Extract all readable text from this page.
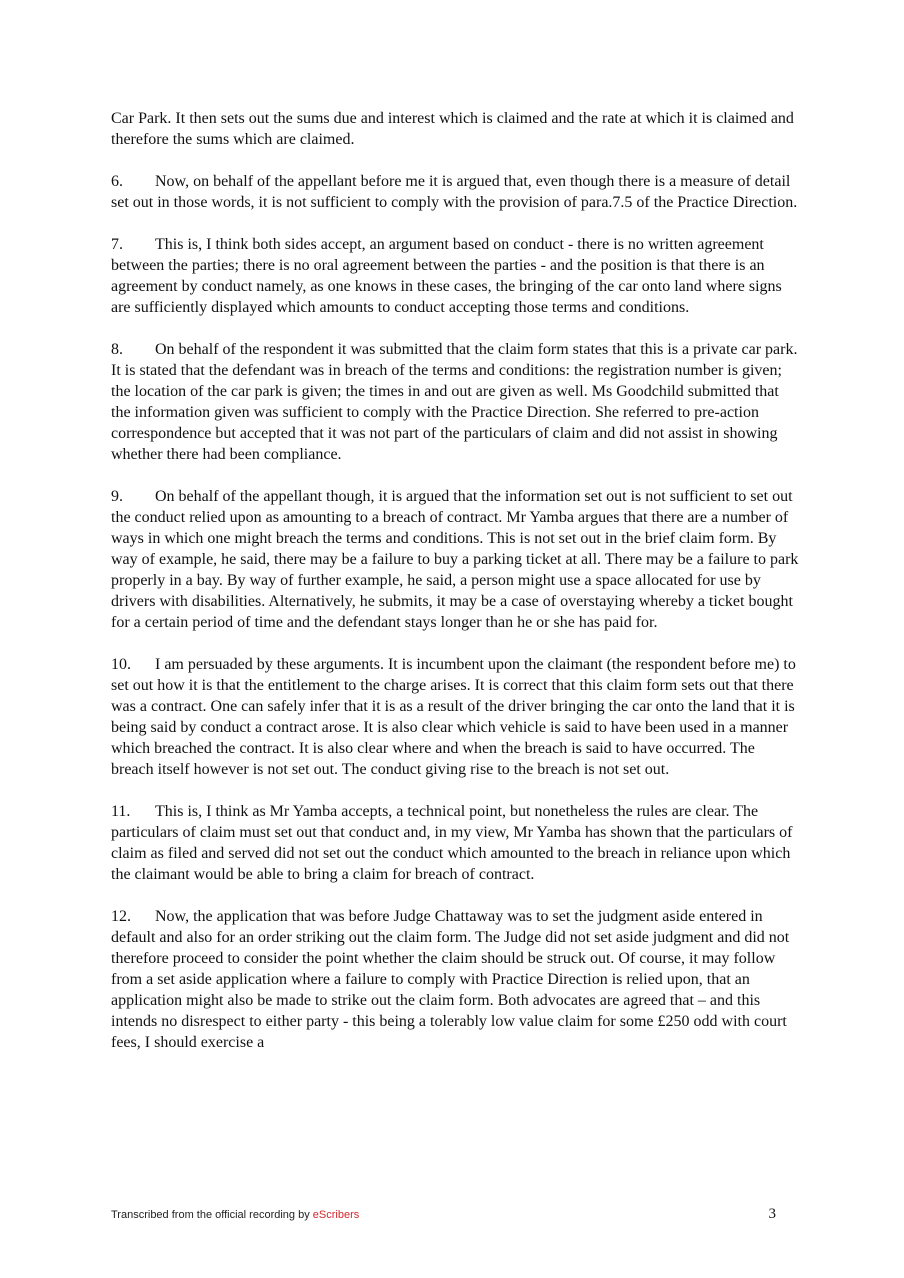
Car Park. It then sets out the sums due and interest which is claimed and the rate at which it is claimed and therefore the sums which are claimed.

6. Now, on behalf of the appellant before me it is argued that, even though there is a measure of detail set out in those words, it is not sufficient to comply with the provision of para.7.5 of the Practice Direction.

7. This is, I think both sides accept, an argument based on conduct - there is no written agreement between the parties; there is no oral agreement between the parties - and the position is that there is an agreement by conduct namely, as one knows in these cases, the bringing of the car onto land where signs are sufficiently displayed which amounts to conduct accepting those terms and conditions.

8. On behalf of the respondent it was submitted that the claim form states that this is a private car park. It is stated that the defendant was in breach of the terms and conditions: the registration number is given; the location of the car park is given; the times in and out are given as well. Ms Goodchild submitted that the information given was sufficient to comply with the Practice Direction. She referred to pre-action correspondence but accepted that it was not part of the particulars of claim and did not assist in showing whether there had been compliance.

9. On behalf of the appellant though, it is argued that the information set out is not sufficient to set out the conduct relied upon as amounting to a breach of contract. Mr Yamba argues that there are a number of ways in which one might breach the terms and conditions. This is not set out in the brief claim form. By way of example, he said, there may be a failure to buy a parking ticket at all. There may be a failure to park properly in a bay. By way of further example, he said, a person might use a space allocated for use by drivers with disabilities. Alternatively, he submits, it may be a case of overstaying whereby a ticket bought for a certain period of time and the defendant stays longer than he or she has paid for.

10. I am persuaded by these arguments. It is incumbent upon the claimant (the respondent before me) to set out how it is that the entitlement to the charge arises. It is correct that this claim form sets out that there was a contract. One can safely infer that it is as a result of the driver bringing the car onto the land that it is being said by conduct a contract arose. It is also clear which vehicle is said to have been used in a manner which breached the contract. It is also clear where and when the breach is said to have occurred. The breach itself however is not set out. The conduct giving rise to the breach is not set out.

11. This is, I think as Mr Yamba accepts, a technical point, but nonetheless the rules are clear. The particulars of claim must set out that conduct and, in my view, Mr Yamba has shown that the particulars of claim as filed and served did not set out the conduct which amounted to the breach in reliance upon which the claimant would be able to bring a claim for breach of contract.

12. Now, the application that was before Judge Chattaway was to set the judgment aside entered in default and also for an order striking out the claim form. The Judge did not set aside judgment and did not therefore proceed to consider the point whether the claim should be struck out. Of course, it may follow from a set aside application where a failure to comply with Practice Direction is relied upon, that an application might also be made to strike out the claim form. Both advocates are agreed that – and this intends no disrespect to either party - this being a tolerably low value claim for some £250 odd with court fees, I should exercise a

Transcribed from the official recording by eScribers	3
